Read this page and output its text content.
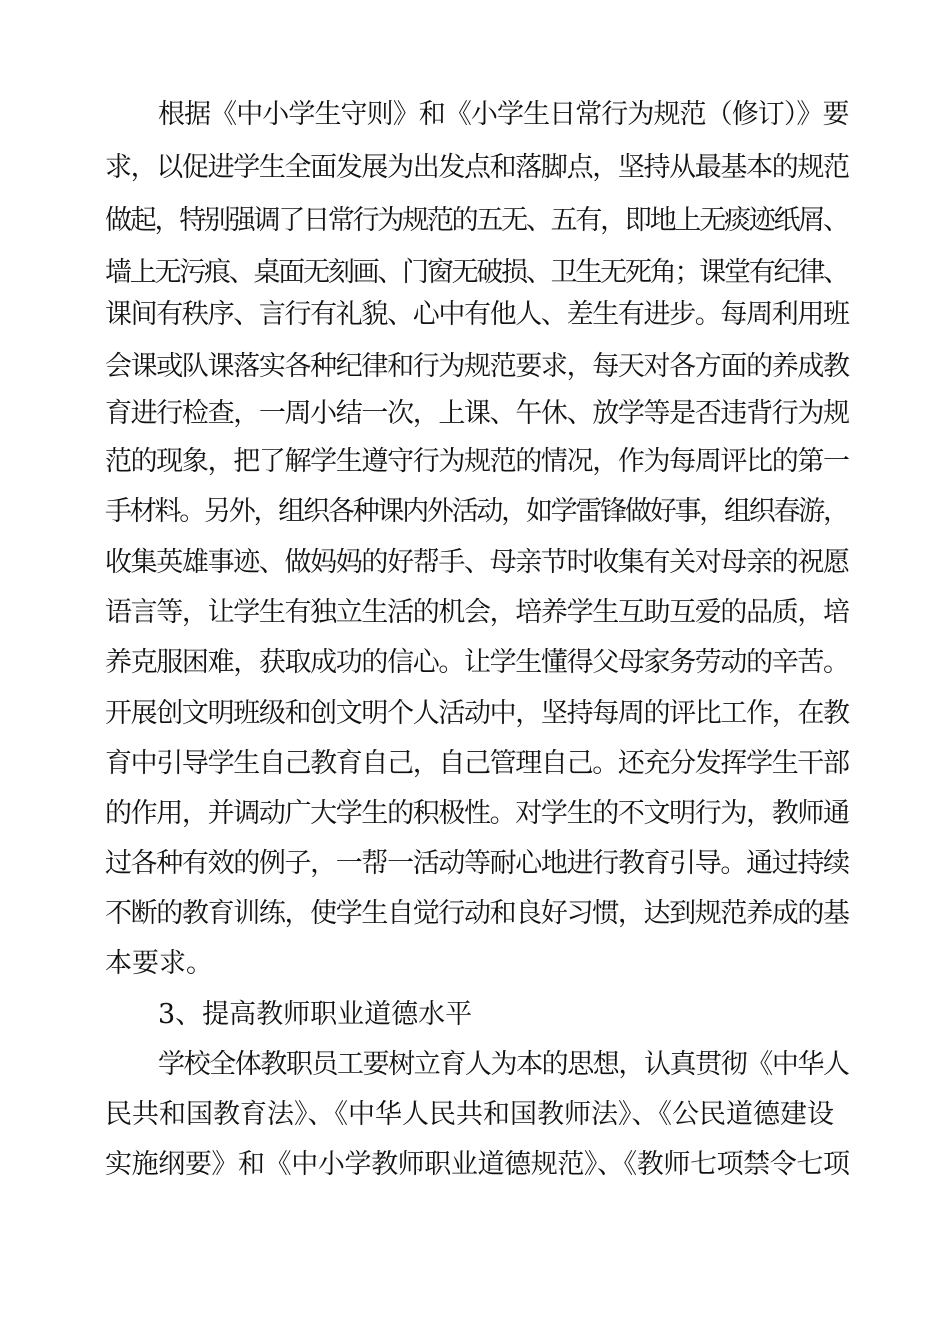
根据《中小学生守则》和《小学生日常行为规范（修订）》要
求，以促进学生全面发展为出发点和落脚点，坚持从最基本的规范
做起，特别强调了日常行为规范的五无、五有，即地上无痰迹纸屑、
墙上无污痕、桌面无刻画、门窗无破损、卫生无死角；课堂有纪律、
课间有秩序、言行有礼貌、心中有他人、差生有进步。每周利用班
会课或队课落实各种纪律和行为规范要求，每天对各方面的养成教
育进行检查，一周小结一次，上课、午休、放学等是否违背行为规
范的现象，把了解学生遵守行为规范的情况，作为每周评比的第一
手材料。另外，组织各种课内外活动，如学雷锋做好事，组织春游，
收集英雄事迹、做妈妈的好帮手、母亲节时收集有关对母亲的祝愿
语言等，让学生有独立生活的机会，培养学生互助互爱的品质，培
养克服困难，获取成功的信心。让学生懂得父母家务劳动的辛苦。
开展创文明班级和创文明个人活动中，坚持每周的评比工作，在教
育中引导学生自己教育自己，自己管理自己。还充分发挥学生干部
的作用，并调动广大学生的积极性。对学生的不文明行为，教师通
过各种有效的例子，一帮一活动等耐心地进行教育引导。通过持续
不断的教育训练，使学生自觉行动和良好习惯，达到规范养成的基
本要求。
3、提高教师职业道德水平
学校全体教职员工要树立育人为本的思想，认真贯彻《中华人
民共和国教育法》、《中华人民共和国教师法》、《公民道德建设
实施纲要》和《中小学教师职业道德规范》、《教师七项禁令七项
